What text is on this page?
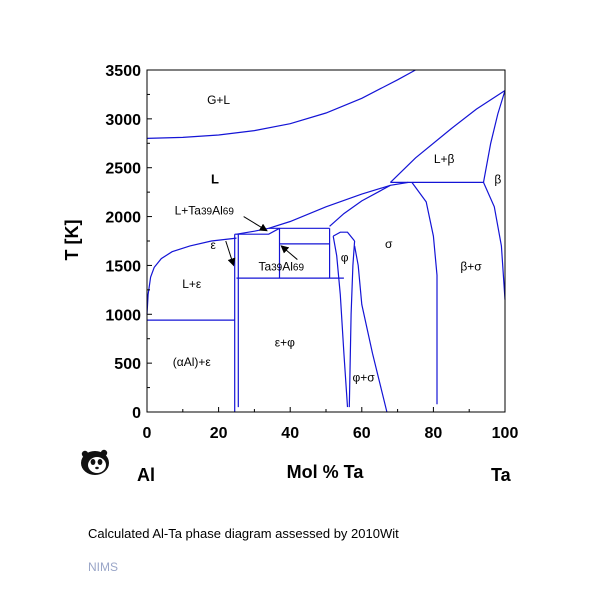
0
500
1000
1500
2000
2500
3000
3500
0	20	40	60	80	100
G+L
L
L+Ta39Al69
ε
L+ε
Ta39Al69
φ
σ
L+β
β
β+σ
ε+φ
(αAl)+ε
φ+σ
T [K]
Mol % Ta
Al	Ta
Calculated Al-Ta phase diagram assessed by 2010Wit
NIMS
